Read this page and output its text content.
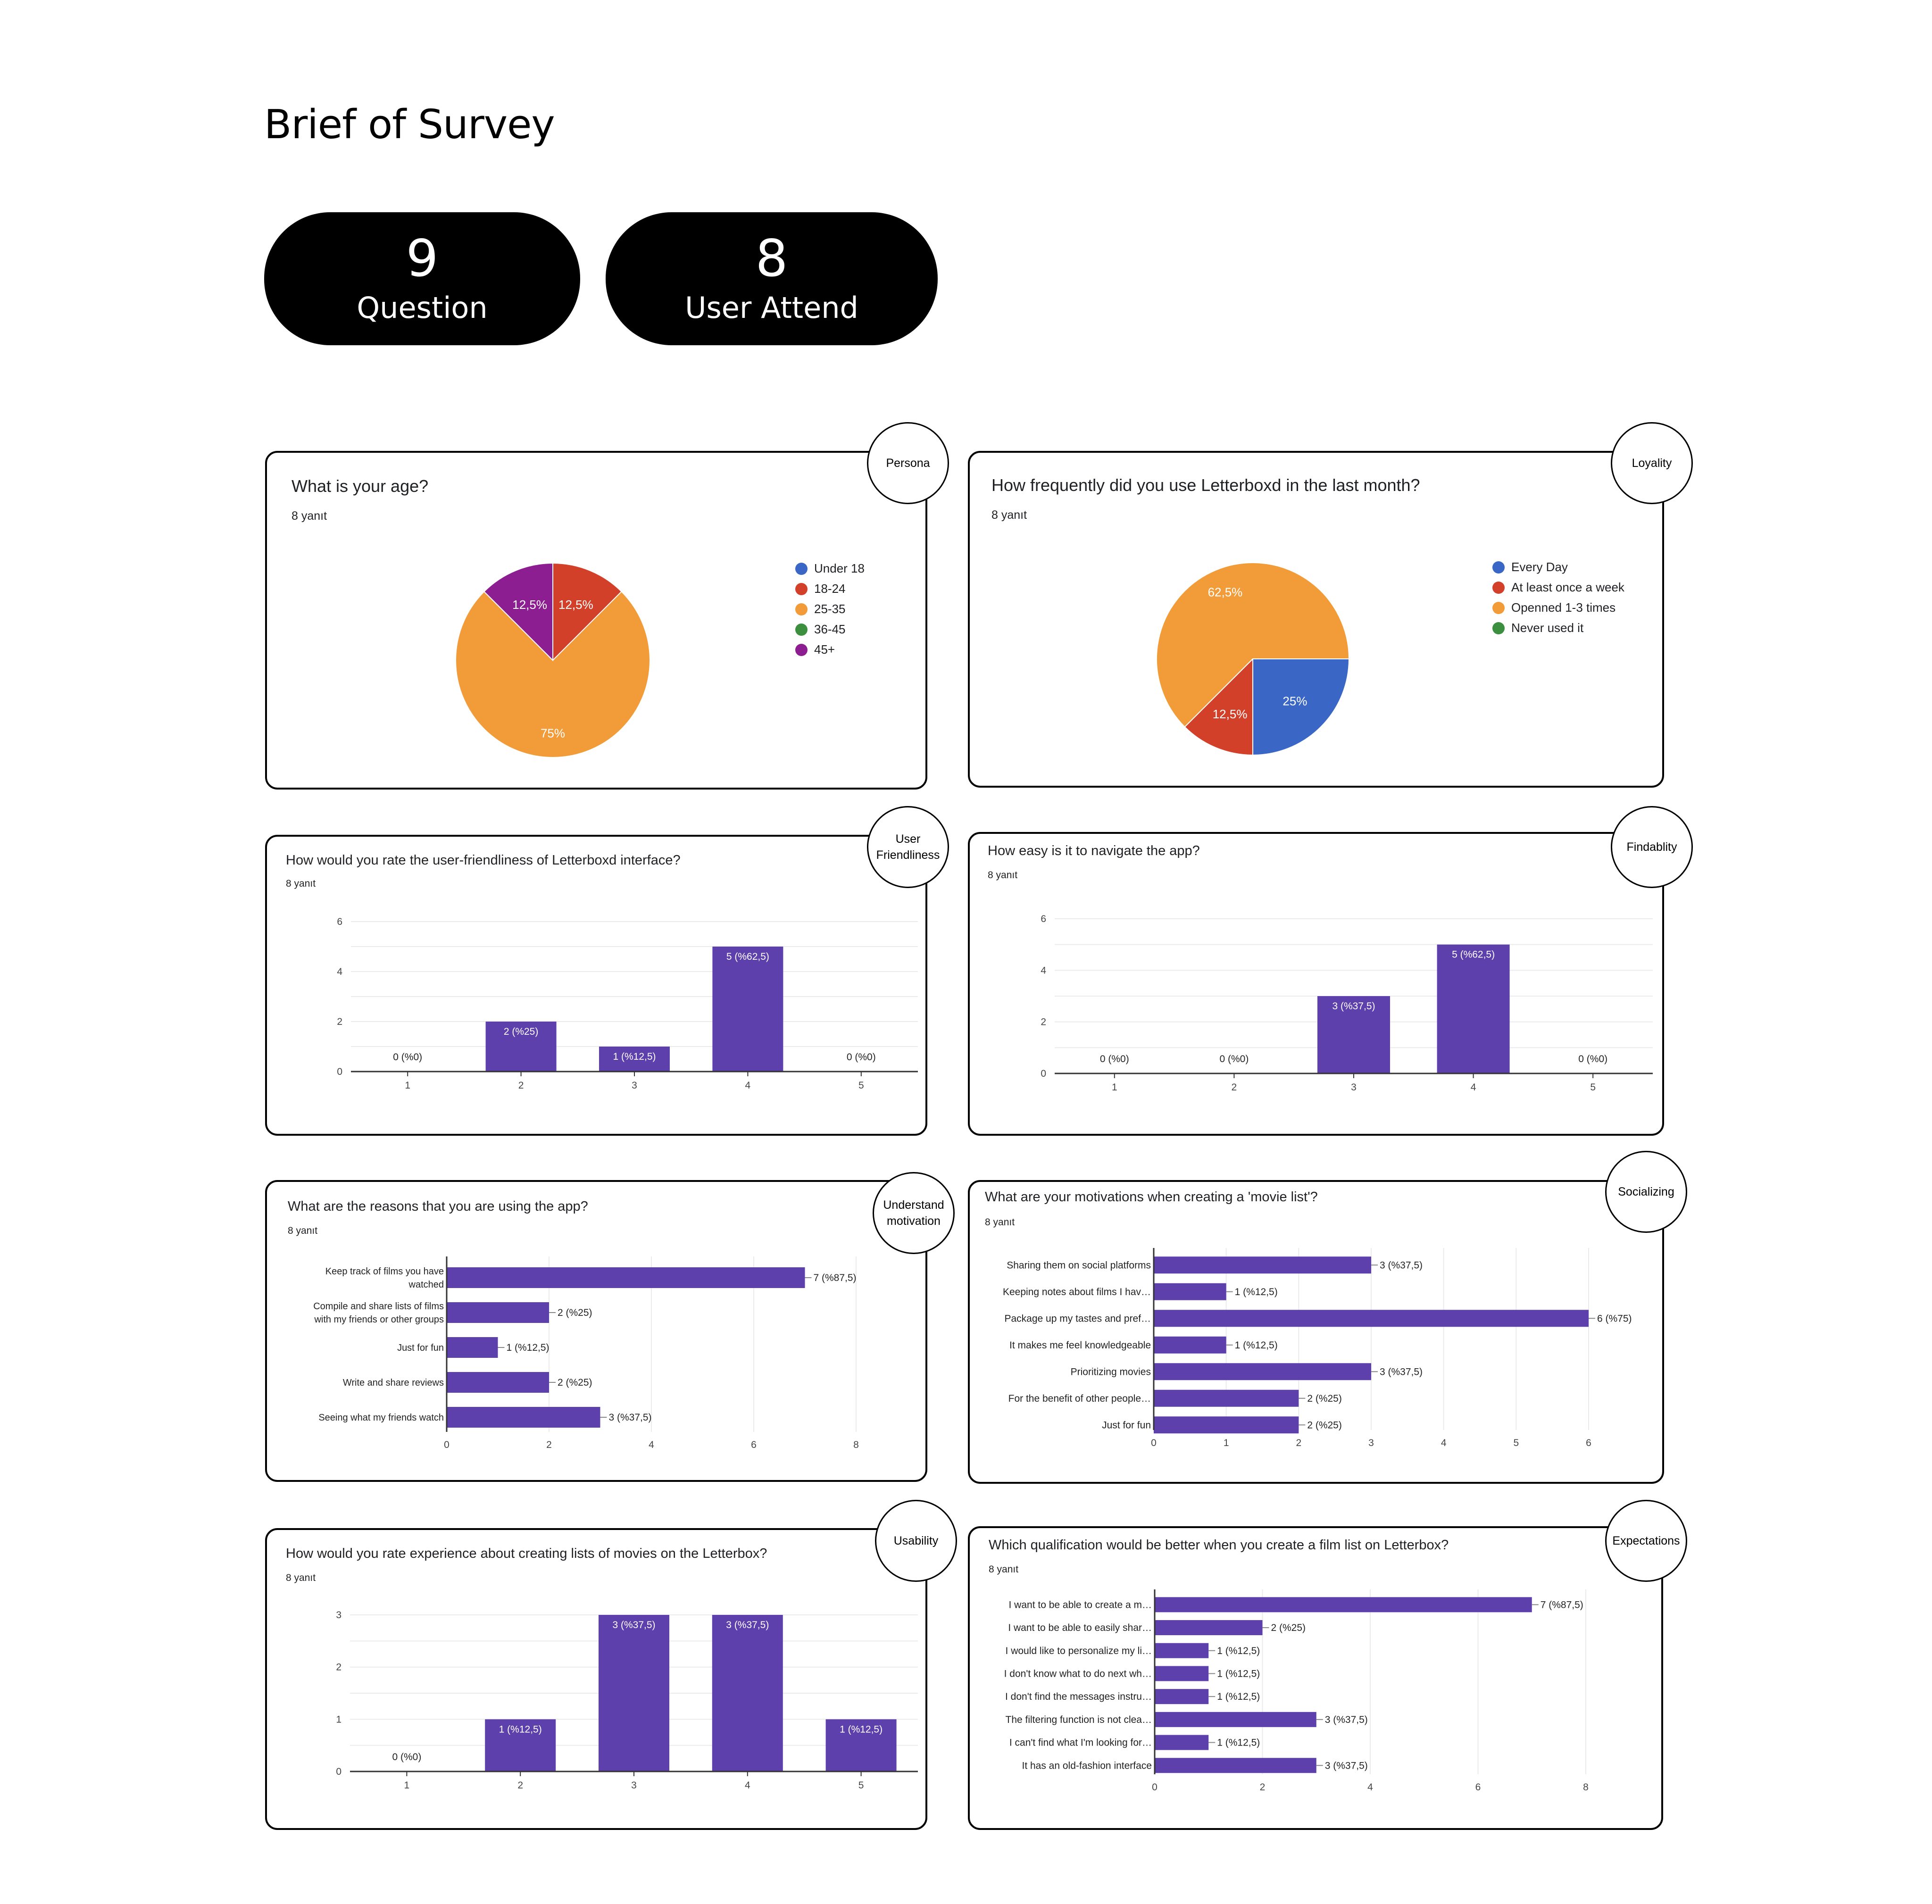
Brief of Survey
9
Question
8
User Attend
What is your age?
8 yanıt
12,5%
75%
12,5%
Under 18
18-24
25-35
36-45
45+
Persona
How frequently did you use Letterboxd in the last month?
8 yanıt
25%
12,5%
62,5%
Every Day
At least once a week
Openned 1-3 times
Never used it
Loyality
How would you rate the user-friendliness of Letterboxd interface?
8 yanıt
0
2
4
6
1
0 (%0)
2
2 (%25)
3
1 (%12,5)
4
5 (%62,5)
5
0 (%0)
User
Friendliness	How easy is it to navigate the app?
8 yanıt
0
2
4
6
1
0 (%0)
2
0 (%0)
3
3 (%37,5)
4
5 (%62,5)
5
0 (%0)
Findablity
What are the reasons that you are using the app?
8 yanıt
0	2	4	6	8
7 (%87,5)
Keep track of films you have
watched
2 (%25)
Compile and share lists of films
with my friends or other groups
1 (%12,5)
Just for fun
2 (%25)
Write and share reviews
3 (%37,5)
Seeing what my friends watch
Understand
motivation
What are your motivations when creating a 'movie list'?
8 yanıt
0	1	2	3	4	5	6
3 (%37,5)
Sharing them on social platforms
1 (%12,5)
Keeping notes about films I hav…
6 (%75)
Package up my tastes and pref…
1 (%12,5)
It makes me feel knowledgeable
3 (%37,5)
Prioritizing movies
2 (%25)
For the benefit of other people…
2 (%25)
Just for fun
Socializing
How would you rate experience about creating lists of movies on the Letterbox?
8 yanıt
0
1
2
3
1
0 (%0)
2
1 (%12,5)
3
3 (%37,5)
4
3 (%37,5)
5
1 (%12,5)
Usability	Which qualification would be better when you create a film list on Letterbox?
8 yanıt
0	2	4	6	8
7 (%87,5)
I want to be able to create a m…
2 (%25)
I want to be able to easily shar…
1 (%12,5)
I would like to personalize my li…
1 (%12,5)
I don't know what to do next wh…
1 (%12,5)
I don't find the messages instru…
3 (%37,5)
The filtering function is not clea…
1 (%12,5)
I can't find what I'm looking for…
3 (%37,5)
It has an old-fashion interface
Expectations
